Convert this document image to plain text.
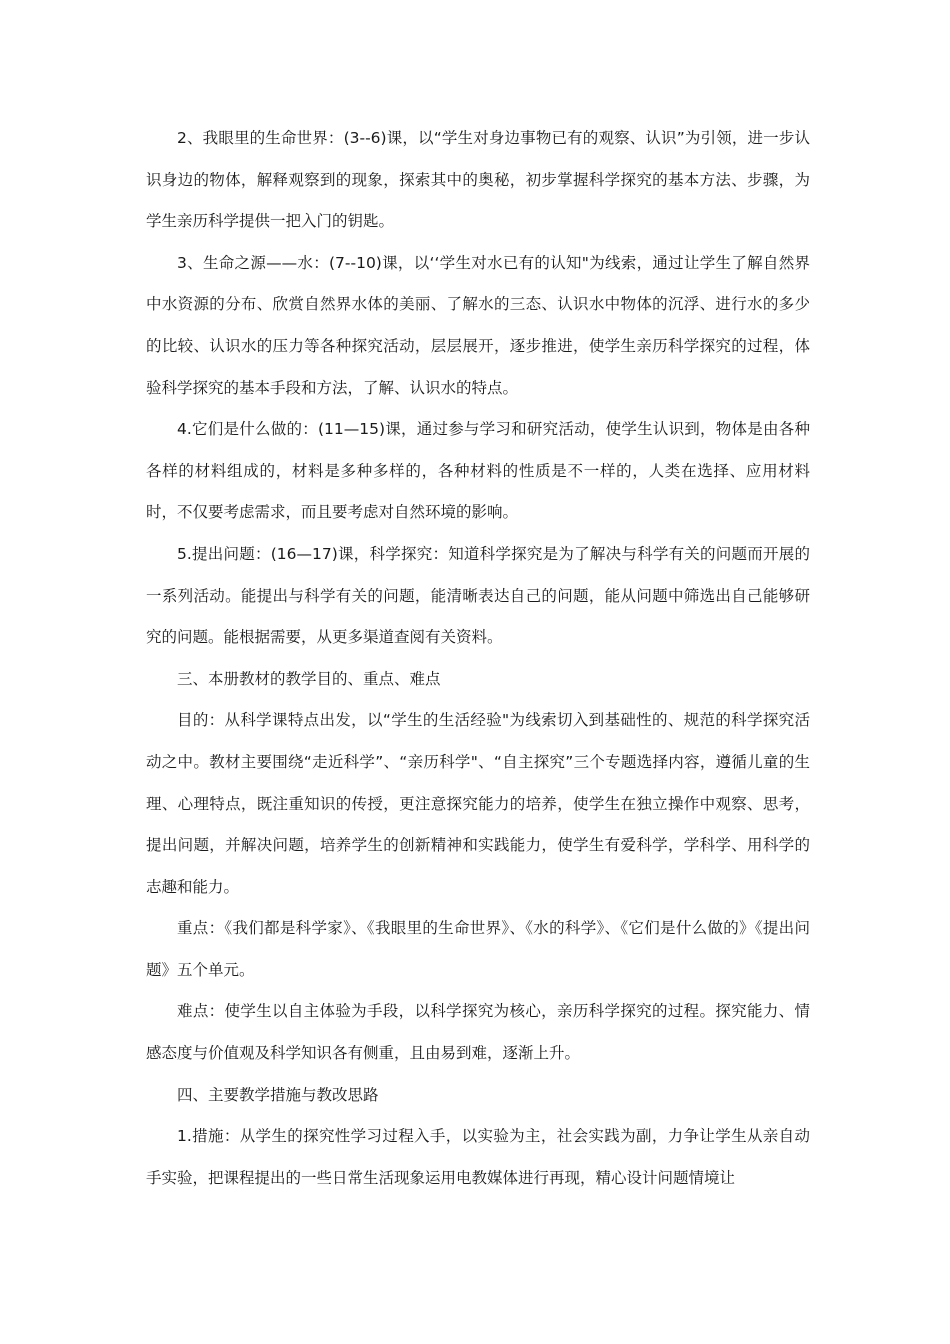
2、我眼里的生命世界：(3--6)课，以“学生对身边事物已有的观察、认识”为引领，进一步认识身边的物体，解释观察到的现象，探索其中的奥秘，初步掌握科学探究的基本方法、步骤，为学生亲历科学提供一把入门的钥匙。

3、生命之源——水：(7--10)课，以‘‘学生对水已有的认知"为线索，通过让学生了解自然界中水资源的分布、欣赏自然界水体的美丽、了解水的三态、认识水中物体的沉浮、进行水的多少的比较、认识水的压力等各种探究活动，层层展开，逐步推进，使学生亲历科学探究的过程，体验科学探究的基本手段和方法，了解、认识水的特点。

4.它们是什么做的：(11—15)课，通过参与学习和研究活动，使学生认识到，物体是由各种各样的材料组成的，材料是多种多样的，各种材料的性质是不一样的，人类在选择、应用材料时，不仅要考虑需求，而且要考虑对自然环境的影响。

5.提出问题：(16—17)课，科学探究：知道科学探究是为了解决与科学有关的问题而开展的一系列活动。能提出与科学有关的问题，能清晰表达自己的问题，能从问题中筛选出自己能够研究的问题。能根据需要，从更多渠道查阅有关资料。

三、本册教材的教学目的、重点、难点

目的：从科学课特点出发，以“学生的生活经验"为线索切入到基础性的、规范的科学探究活动之中。教材主要围绕“走近科学”、“亲历科学"、“自主探究”三个专题选择内容，遵循儿童的生理、心理特点，既注重知识的传授，更注意探究能力的培养，使学生在独立操作中观察、思考，提出问题，并解决问题，培养学生的创新精神和实践能力，使学生有爱科学，学科学、用科学的志趣和能力。

重点：《我们都是科学家》、《我眼里的生命世界》、《水的科学》、《它们是什么做的》《提出问题》五个单元。

难点：使学生以自主体验为手段，以科学探究为核心，亲历科学探究的过程。探究能力、情感态度与价值观及科学知识各有侧重，且由易到难，逐渐上升。

四、主要教学措施与教改思路

1.措施：从学生的探究性学习过程入手，以实验为主，社会实践为副，力争让学生从亲自动手实验，把课程提出的一些日常生活现象运用电教媒体进行再现，精心设计问题情境让
